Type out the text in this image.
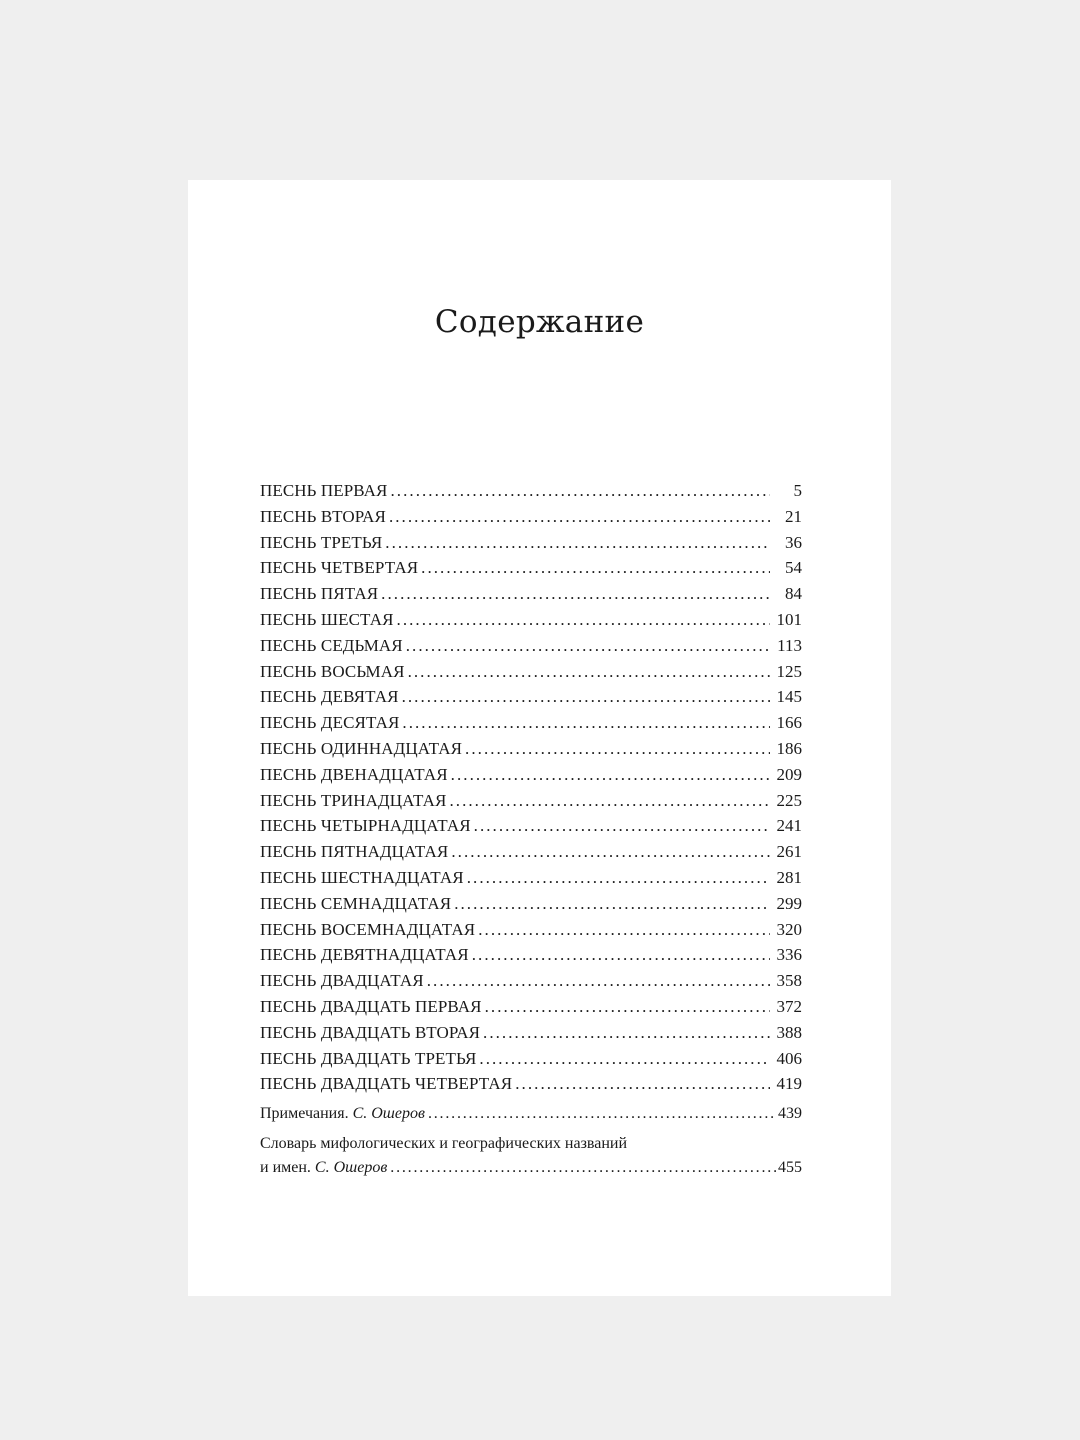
Содержание
ПЕСНЬ ПЕРВАЯ . . .	5
ПЕСНЬ ВТОРАЯ . . .	21
ПЕСНЬ ТРЕТЬЯ . . .	36
ПЕСНЬ ЧЕТВЕРТАЯ . . .	54
ПЕСНЬ ПЯТАЯ . . .	84
ПЕСНЬ ШЕСТАЯ . . .	101
ПЕСНЬ СЕДЬМАЯ . . .	113
ПЕСНЬ ВОСЬМАЯ . . .	125
ПЕСНЬ ДЕВЯТАЯ . . .	145
ПЕСНЬ ДЕСЯТАЯ . . .	166
ПЕСНЬ ОДИННАДЦАТАЯ . . .	186
ПЕСНЬ ДВЕНАДЦАТАЯ . . .	209
ПЕСНЬ ТРИНАДЦАТАЯ . . .	225
ПЕСНЬ ЧЕТЫРНАДЦАТАЯ . . .	241
ПЕСНЬ ПЯТНАДЦАТАЯ . . .	261
ПЕСНЬ ШЕСТНАДЦАТАЯ . . .	281
ПЕСНЬ СЕМНАДЦАТАЯ . . .	299
ПЕСНЬ ВОСЕМНАДЦАТАЯ . . .	320
ПЕСНЬ ДЕВЯТНАДЦАТАЯ . . .	336
ПЕСНЬ ДВАДЦАТАЯ . . .	358
ПЕСНЬ ДВАДЦАТЬ ПЕРВАЯ . . .	372
ПЕСНЬ ДВАДЦАТЬ ВТОРАЯ . . .	388
ПЕСНЬ ДВАДЦАТЬ ТРЕТЬЯ . . .	406
ПЕСНЬ ДВАДЦАТЬ ЧЕТВЕРТАЯ . . .	419
Примечания. С. Ошеров . . .	439
Словарь мифологических и географических названий
и имен. С. Ошеров . . .	455
